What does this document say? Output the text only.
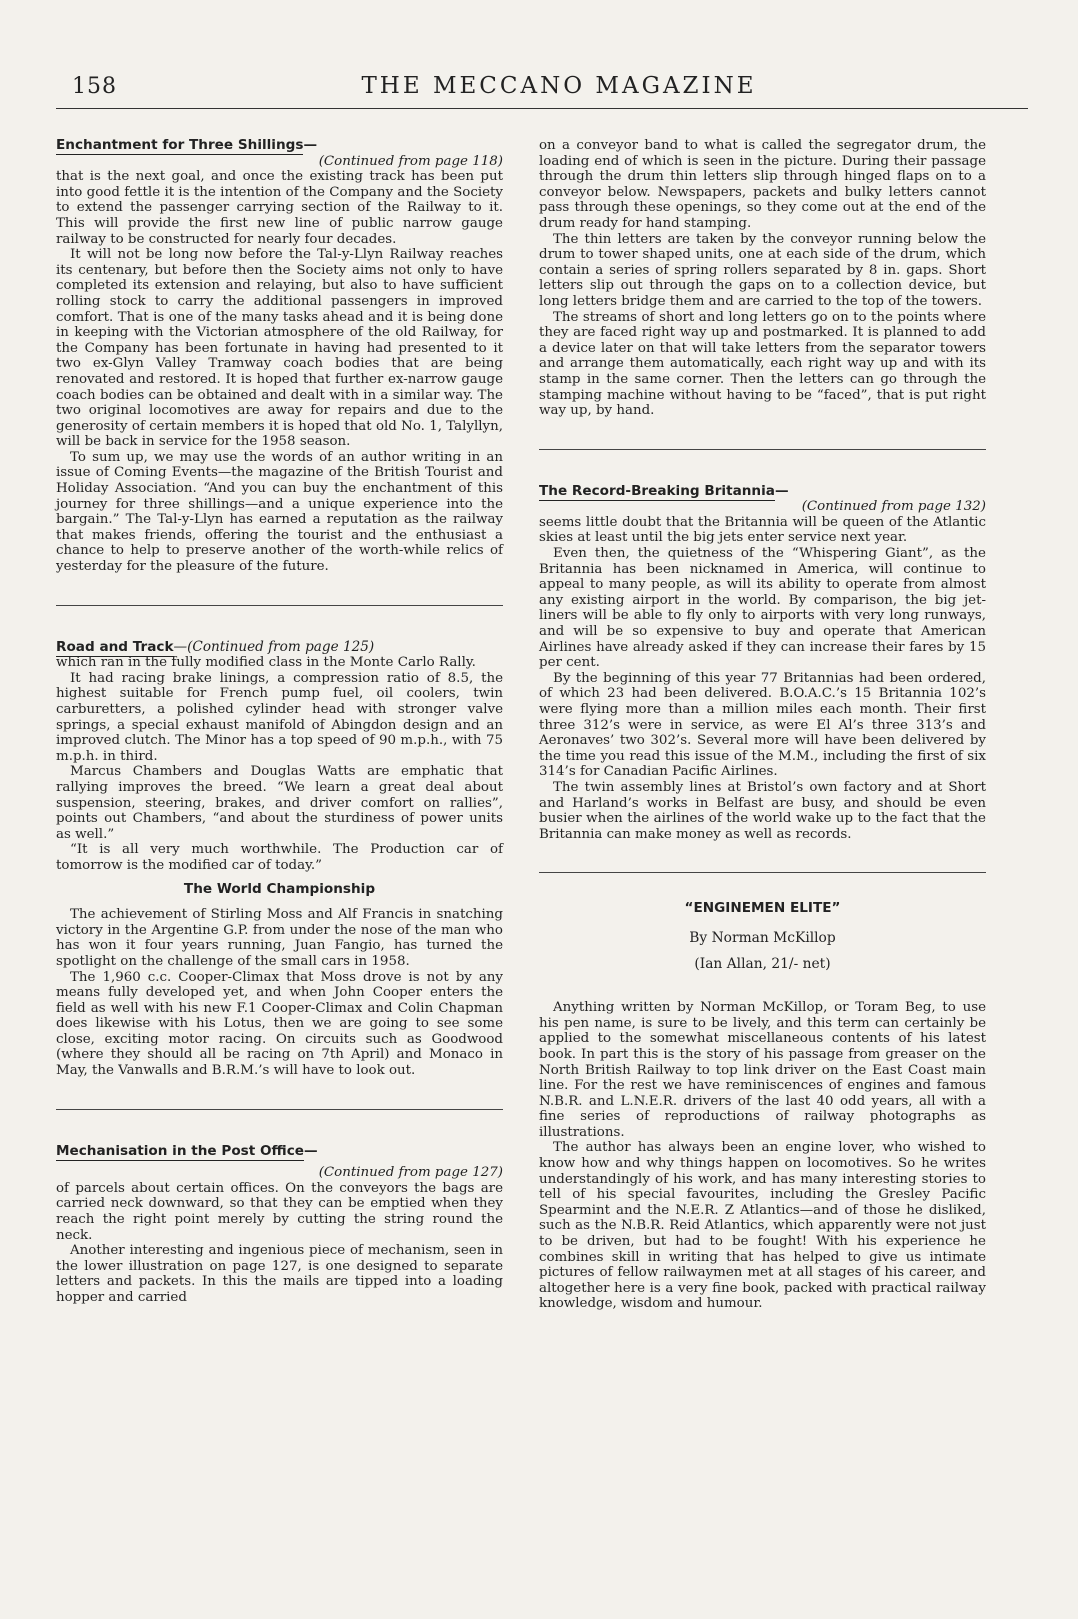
158	THE MECCANO MAGAZINE

Enchantment for Three Shillings—

(Continued from page 118)

that is the next goal, and once the existing track has been put into good fettle it is the intention of the Company and the Society to extend the passenger carrying section of the Railway to it. This will provide the first new line of public narrow gauge railway to be constructed for nearly four decades.

It will not be long now before the Tal-y-Llyn Railway reaches its centenary, but before then the Society aims not only to have completed its extension and relaying, but also to have sufficient rolling stock to carry the additional passengers in improved comfort. That is one of the many tasks ahead and it is being done in keeping with the Victorian atmosphere of the old Railway, for the Company has been fortunate in having had presented to it two ex-Glyn Valley Tramway coach bodies that are being renovated and restored. It is hoped that further ex-narrow gauge coach bodies can be obtained and dealt with in a similar way. The two original locomotives are away for repairs and due to the generosity of certain members it is hoped that old No. 1, Talyllyn, will be back in service for the 1958 season.

To sum up, we may use the words of an author writing in an issue of Coming Events—the magazine of the British Tourist and Holiday Association. “And you can buy the enchantment of this journey for three shillings—and a unique experience into the bargain.” The Tal-y-Llyn has earned a reputation as the railway that makes friends, offering the tourist and the enthusiast a chance to help to preserve another of the worth-while relics of yesterday for the pleasure of the future.

Road and Track—(Continued from page 125)

which ran in the fully modified class in the Monte Carlo Rally.

It had racing brake linings, a compression ratio of 8.5, the highest suitable for French pump fuel, oil coolers, twin carburetters, a polished cylinder head with stronger valve springs, a special exhaust manifold of Abingdon design and an improved clutch. The Minor has a top speed of 90 m.p.h., with 75 m.p.h. in third.

Marcus Chambers and Douglas Watts are emphatic that rallying improves the breed. “We learn a great deal about suspension, steering, brakes, and driver comfort on rallies”, points out Chambers, “and about the sturdiness of power units as well.”

“It is all very much worthwhile. The Production car of tomorrow is the modified car of today.”

The World Championship

The achievement of Stirling Moss and Alf Francis in snatching victory in the Argentine G.P. from under the nose of the man who has won it four years running, Juan Fangio, has turned the spotlight on the challenge of the small cars in 1958.

The 1,960 c.c. Cooper-Climax that Moss drove is not by any means fully developed yet, and when John Cooper enters the field as well with his new F.1 Cooper-Climax and Colin Chapman does likewise with his Lotus, then we are going to see some close, exciting motor racing. On circuits such as Goodwood (where they should all be racing on 7th April) and Monaco in May, the Vanwalls and B.R.M.’s will have to look out.

Mechanisation in the Post Office—

(Continued from page 127)

of parcels about certain offices. On the conveyors the bags are carried neck downward, so that they can be emptied when they reach the right point merely by cutting the string round the neck.

Another interesting and ingenious piece of mechanism, seen in the lower illustration on page 127, is one designed to separate letters and packets. In this the mails are tipped into a loading hopper and carried

on a conveyor band to what is called the segregator drum, the loading end of which is seen in the picture. During their passage through the drum thin letters slip through hinged flaps on to a conveyor below. Newspapers, packets and bulky letters cannot pass through these openings, so they come out at the end of the drum ready for hand stamping.

The thin letters are taken by the conveyor running below the drum to tower shaped units, one at each side of the drum, which contain a series of spring rollers separated by 8 in. gaps. Short letters slip out through the gaps on to a collection device, but long letters bridge them and are carried to the top of the towers.

The streams of short and long letters go on to the points where they are faced right way up and postmarked. It is planned to add a device later on that will take letters from the separator towers and arrange them automatically, each right way up and with its stamp in the same corner. Then the letters can go through the stamping machine without having to be “faced”, that is put right way up, by hand.

The Record-Breaking Britannia—

(Continued from page 132)

seems little doubt that the Britannia will be queen of the Atlantic skies at least until the big jets enter service next year.

Even then, the quietness of the “Whispering Giant”, as the Britannia has been nicknamed in America, will continue to appeal to many people, as will its ability to operate from almost any existing airport in the world. By comparison, the big jet-liners will be able to fly only to airports with very long runways, and will be so expensive to buy and operate that American Airlines have already asked if they can increase their fares by 15 per cent.

By the beginning of this year 77 Britannias had been ordered, of which 23 had been delivered. B.O.A.C.’s 15 Britannia 102’s were flying more than a million miles each month. Their first three 312’s were in service, as were El Al’s three 313’s and Aeronaves’ two 302’s. Several more will have been delivered by the time you read this issue of the M.M., including the first of six 314’s for Canadian Pacific Airlines.

The twin assembly lines at Bristol’s own factory and at Short and Harland’s works in Belfast are busy, and should be even busier when the airlines of the world wake up to the fact that the Britannia can make money as well as records.

“ENGINEMEN ELITE”
By Norman McKillop
(Ian Allan, 21/- net)

Anything written by Norman McKillop, or Toram Beg, to use his pen name, is sure to be lively, and this term can certainly be applied to the somewhat miscellaneous contents of his latest book. In part this is the story of his passage from greaser on the North British Railway to top link driver on the East Coast main line. For the rest we have reminiscences of engines and famous N.B.R. and L.N.E.R. drivers of the last 40 odd years, all with a fine series of reproductions of railway photographs as illustrations.

The author has always been an engine lover, who wished to know how and why things happen on locomotives. So he writes understandingly of his work, and has many interesting stories to tell of his special favourites, including the Gresley Pacific Spearmint and the N.E.R. Z Atlantics—and of those he disliked, such as the N.B.R. Reid Atlantics, which apparently were not just to be driven, but had to be fought! With his experience he combines skill in writing that has helped to give us intimate pictures of fellow railwaymen met at all stages of his career, and altogether here is a very fine book, packed with practical railway knowledge, wisdom and humour.
